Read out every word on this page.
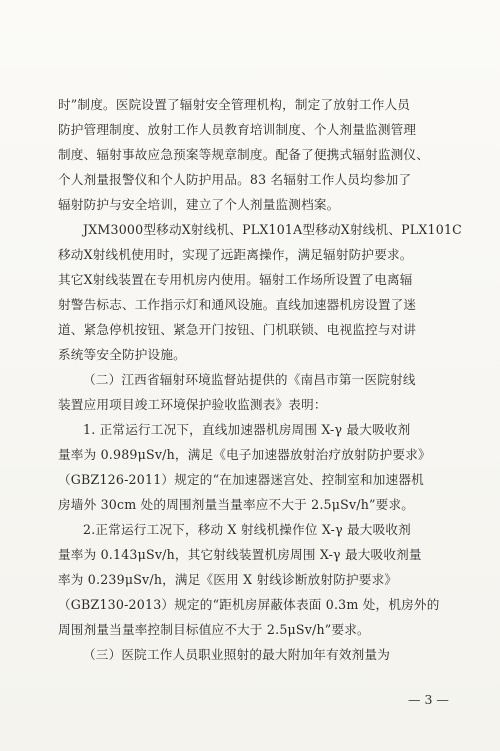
时”制度。医院设置了辐射安全管理机构，制定了放射工作人员
防护管理制度、放射工作人员教育培训制度、个人剂量监测管理
制度、辐射事故应急预案等规章制度。配备了便携式辐射监测仪、
个人剂量报警仪和个人防护用品。83 名辐射工作人员均参加了
辐射防护与安全培训，建立了个人剂量监测档案。

JXM3000型移动X射线机、PLX101A型移动X射线机、PLX101C
移动X射线机使用时，实现了远距离操作，满足辐射防护要求。
其它X射线装置在专用机房内使用。辐射工作场所设置了电离辐
射警告标志、工作指示灯和通风设施。直线加速器机房设置了迷
道、紧急停机按钮、紧急开门按钮、门机联锁、电视监控与对讲
系统等安全防护设施。

（二）江西省辐射环境监督站提供的《南昌市第一医院射线
装置应用项目竣工环境保护验收监测表》表明：

1. 正常运行工况下，直线加速器机房周围 X-γ 最大吸收剂
量率为 0.989μSv/h，满足《电子加速器放射治疗放射防护要求》
（GBZ126-2011）规定的“在加速器迷宫处、控制室和加速器机
房墙外 30cm 处的周围剂量当量率应不大于 2.5μSv/h”要求。

2.正常运行工况下，移动 X 射线机操作位 X-γ 最大吸收剂
量率为 0.143μSv/h，其它射线装置机房周围 X-γ 最大吸收剂量
率为 0.239μSv/h，满足《医用 X 射线诊断放射防护要求》
（GBZ130-2013）规定的“距机房屏蔽体表面 0.3m 处，机房外的
周围剂量当量率控制目标值应不大于 2.5μSv/h”要求。

（三）医院工作人员职业照射的最大附加年有效剂量为

— 3 —
